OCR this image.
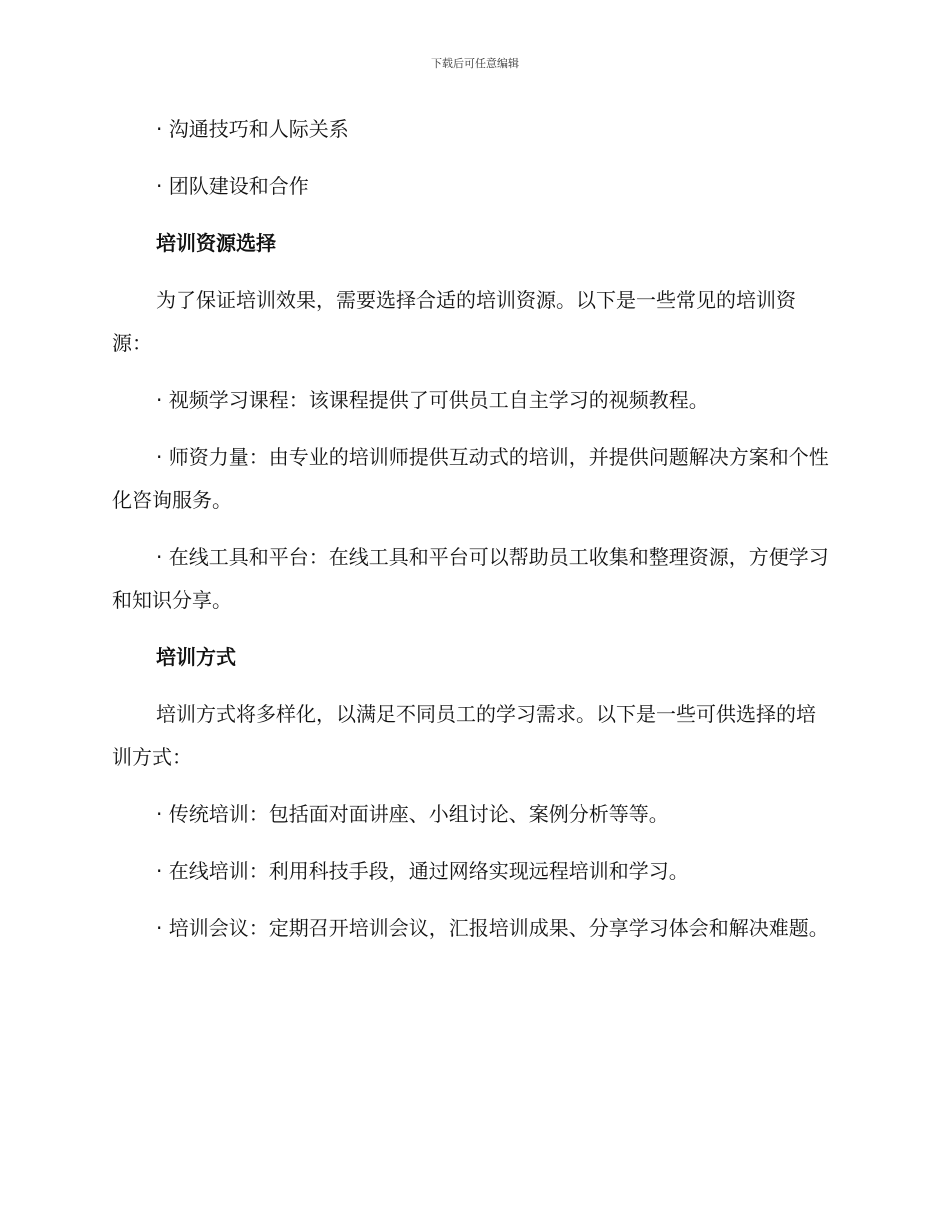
下载后可任意编辑

· 沟通技巧和人际关系

· 团队建设和合作

培训资源选择

为了保证培训效果，需要选择合适的培训资源。以下是一些常见的培训资源：

· 视频学习课程：该课程提供了可供员工自主学习的视频教程。

· 师资力量：由专业的培训师提供互动式的培训，并提供问题解决方案和个性化咨询服务。

· 在线工具和平台：在线工具和平台可以帮助员工收集和整理资源，方便学习和知识分享。

培训方式

培训方式将多样化，以满足不同员工的学习需求。以下是一些可供选择的培训方式：

· 传统培训：包括面对面讲座、小组讨论、案例分析等等。

· 在线培训：利用科技手段，通过网络实现远程培训和学习。

· 培训会议：定期召开培训会议，汇报培训成果、分享学习体会和解决难题。
